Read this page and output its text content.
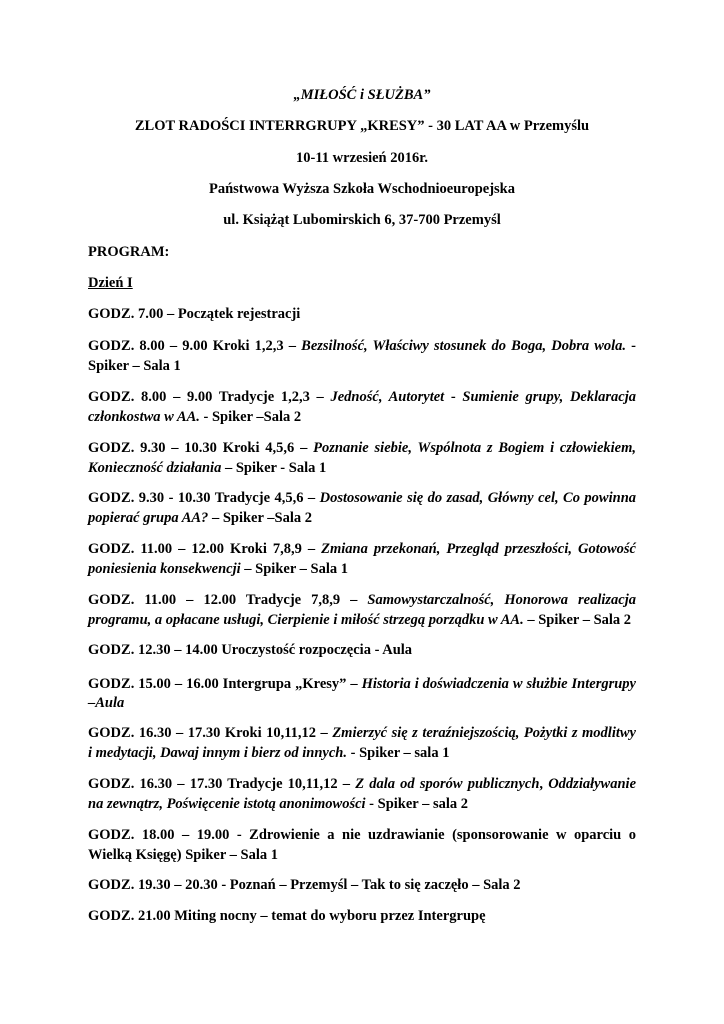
„MIŁOŚĆ i SŁUŻBA”
ZLOT RADOŚCI INTERRGRUPY „KRESY” - 30 LAT AA w Przemyślu
10-11 wrzesień 2016r.
Państwowa Wyższa Szkoła Wschodnioeuropejska
ul. Książąt Lubomirskich 6, 37-700 Przemyśl
PROGRAM:
Dzień I
GODZ. 7.00 – Początek rejestracji
GODZ. 8.00 – 9.00 Kroki 1,2,3 – Bezsilność, Właściwy stosunek do Boga, Dobra wola. -
Spiker – Sala 1
GODZ. 8.00 – 9.00 Tradycje 1,2,3 – Jedność, Autorytet - Sumienie grupy, Deklaracja
członkostwa w AA. - Spiker –Sala 2
GODZ. 9.30 – 10.30 Kroki 4,5,6 – Poznanie siebie, Wspólnota z Bogiem i człowiekiem,
Konieczność działania – Spiker - Sala 1
GODZ. 9.30 - 10.30 Tradycje 4,5,6 – Dostosowanie się do zasad, Główny cel, Co powinna
popierać grupa AA? – Spiker –Sala 2
GODZ. 11.00 – 12.00 Kroki 7,8,9 – Zmiana przekonań, Przegląd przeszłości, Gotowość
poniesienia konsekwencji – Spiker – Sala 1
GODZ. 11.00 – 12.00 Tradycje 7,8,9 – Samowystarczalność, Honorowa realizacja
programu, a opłacane usługi, Cierpienie i miłość strzegą porządku w AA. – Spiker – Sala 2
GODZ. 12.30 – 14.00 Uroczystość rozpoczęcia - Aula
GODZ. 15.00 – 16.00 Intergrupa „Kresy” – Historia i doświadczenia w służbie Intergrupy
–Aula
GODZ. 16.30 – 17.30 Kroki 10,11,12 – Zmierzyć się z teraźniejszością, Pożytki z modlitwy
i medytacji, Dawaj innym i bierz od innych. - Spiker – sala 1
GODZ. 16.30 – 17.30 Tradycje 10,11,12 – Z dala od sporów publicznych, Oddziaływanie
na zewnątrz, Poświęcenie istotą anonimowości - Spiker – sala 2
GODZ. 18.00 – 19.00 - Zdrowienie a nie uzdrawianie (sponsorowanie w oparciu o
Wielką Księgę) Spiker – Sala 1
GODZ. 19.30 – 20.30 - Poznań – Przemyśl – Tak to się zaczęło – Sala 2
GODZ. 21.00 Miting nocny – temat do wyboru przez Intergrupę
